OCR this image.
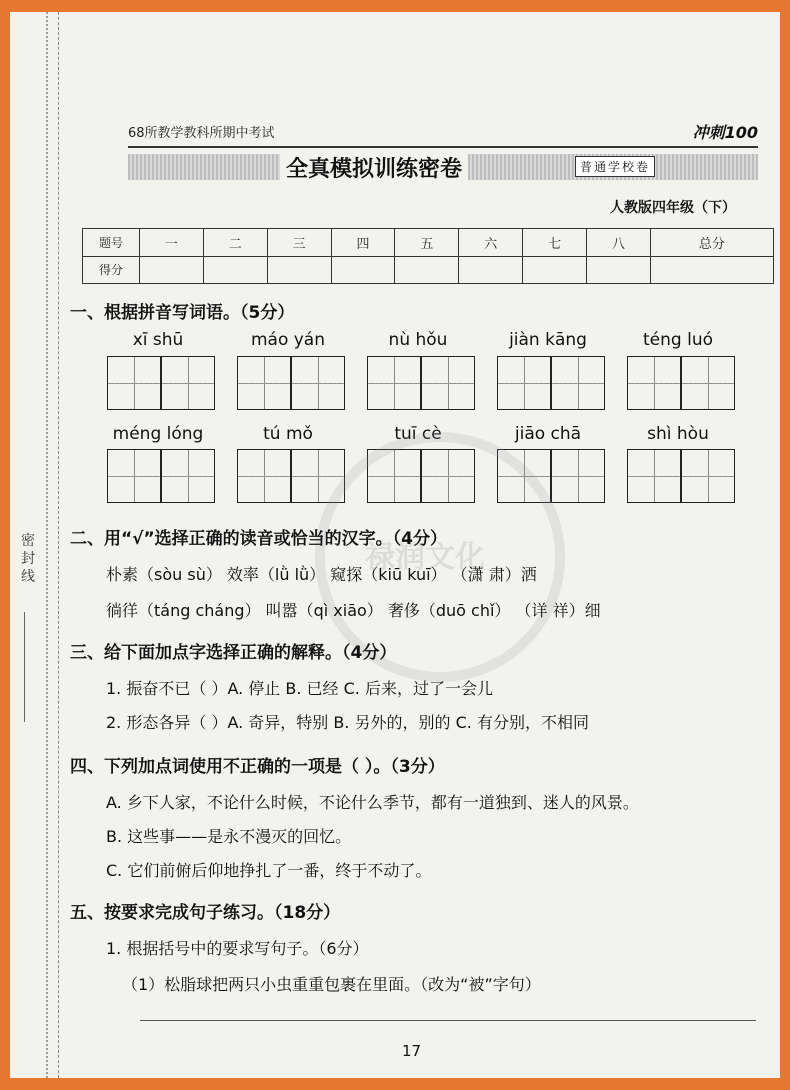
密封线
68所教学教科所期中考试	冲刺100
全真模拟训练密卷	普通学校卷
人教版四年级（下）
题号	一	二	三	四	五	六	七	八	总分
得分									
一、根据拼音写词语。（5分）
xī shū	máo yán	nù hǒu	jiàn kāng	téng luó
méng lóng	tú mǒ	tuī cè	jiāo chā	shì hòu
禄润文化
二、用“√”选择正确的读音或恰当的汉字。（4分）
朴素（sòu sù） 效率（lǜ lǜ） 窥探（kiū kuī） （潇 肃）洒
徜徉（táng cháng） 叫嚣（qì xiāo） 奢侈（duō chǐ） （详 祥）细
三、给下面加点字选择正确的解释。（4分）
1. 振奋不已（ ）A. 停止 B. 已经 C. 后来，过了一会儿
2. 形态各异（ ）A. 奇异，特别 B. 另外的，别的 C. 有分别，不相同
四、下列加点词使用不正确的一项是（ ）。（3分）
A. 乡下人家，不论什么时候，不论什么季节，都有一道独到、迷人的风景。
B. 这些事——是永不漫灭的回忆。
C. 它们前俯后仰地挣扎了一番，终于不动了。
五、按要求完成句子练习。（18分）
1. 根据括号中的要求写句子。（6分）
（1）松脂球把两只小虫重重包裹在里面。（改为“被”字句）
17
